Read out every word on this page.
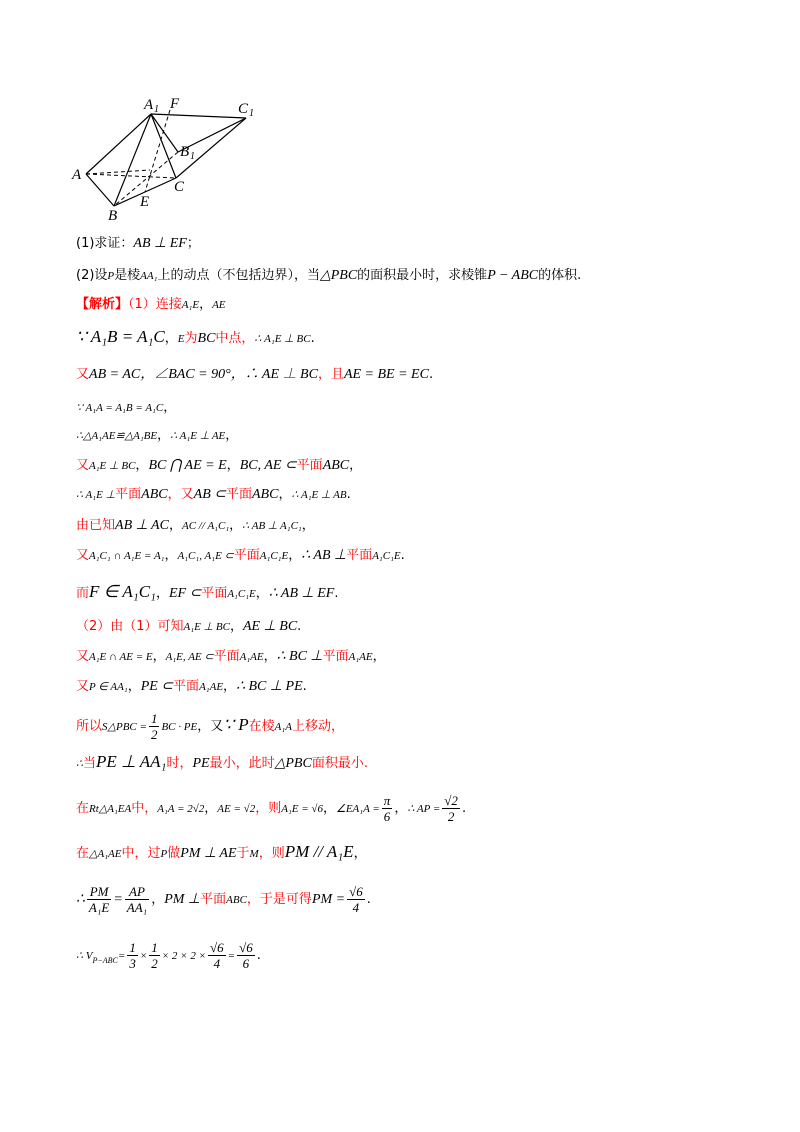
A 1 F	C 1
B 1
A
C
B
E
(1)求证：AB ⊥ EF；
(2)设P是棱AA₁上的动点（不包括边界），当△PBC的面积最小时，求棱锥P − ABC的体积.
【解析】（1）连接A₁E，AE
∵ A₁B = A₁C，E为BC中点，∴ A₁E ⊥ BC.
又AB = AC，∠BAC = 90°，∴ AE ⊥ BC，且AE = BE = EC.
∵ A₁A = A₁B = A₁C，
∴△A₁AE≌△A₁BE，∴ A₁E ⊥ AE，
又A₁E ⊥ BC，BC ⋂ AE = E，BC, AE ⊂平面ABC，
∴ A₁E ⊥平面ABC，又AB ⊂平面ABC，∴ A₁E ⊥ AB.
由已知AB ⊥ AC，AC // A₁C₁，∴ AB ⊥ A₁C₁，
又A₁C₁ ∩ A₁E = A₁，A₁C₁, A₁E ⊂平面A₁C₁E，∴ AB ⊥平面A₁C₁E.
而F ∈ A₁C₁，EF ⊂平面A₁C₁E，∴ AB ⊥ EF.
（2）由（1）可知A₁E ⊥ BC，AE ⊥ BC.
又A₁E ∩ AE = E，A₁E, AE ⊂平面A₁AE，∴ BC ⊥平面A₁AE，
又P ∈ AA₁，PE ⊂平面A₁AE，∴ BC ⊥ PE.
所以S△PBC = $\frac{1}{2}$ BC · PE，又∵ P在棱A₁A上移动，
∴当PE ⊥ AA₁时，PE最小，此时△PBC面积最小.
在Rt△A₁EA中，A₁A = 2√2，AE = √2，则A₁E = √6，∠EA₁A = $\frac{\pi}{6}$ ，∴ AP = $\frac{√2}{2}$ .
在△A₁AE中，过P做PM ⊥ AE于M，则PM // A₁E，
∴ $\frac{PM}{\text{A₁E}} = \frac{AP}{\text{AA₁}}$ ，PM ⊥平面ABC，于是可得PM = $\frac{√6}{4}$ .
∴ $V_{P-ABC}= \frac{1}{3} \times \frac{1}{2} \times 2 \times 2 \times \frac{√6}{4} = \frac{√6}{6}$ .
